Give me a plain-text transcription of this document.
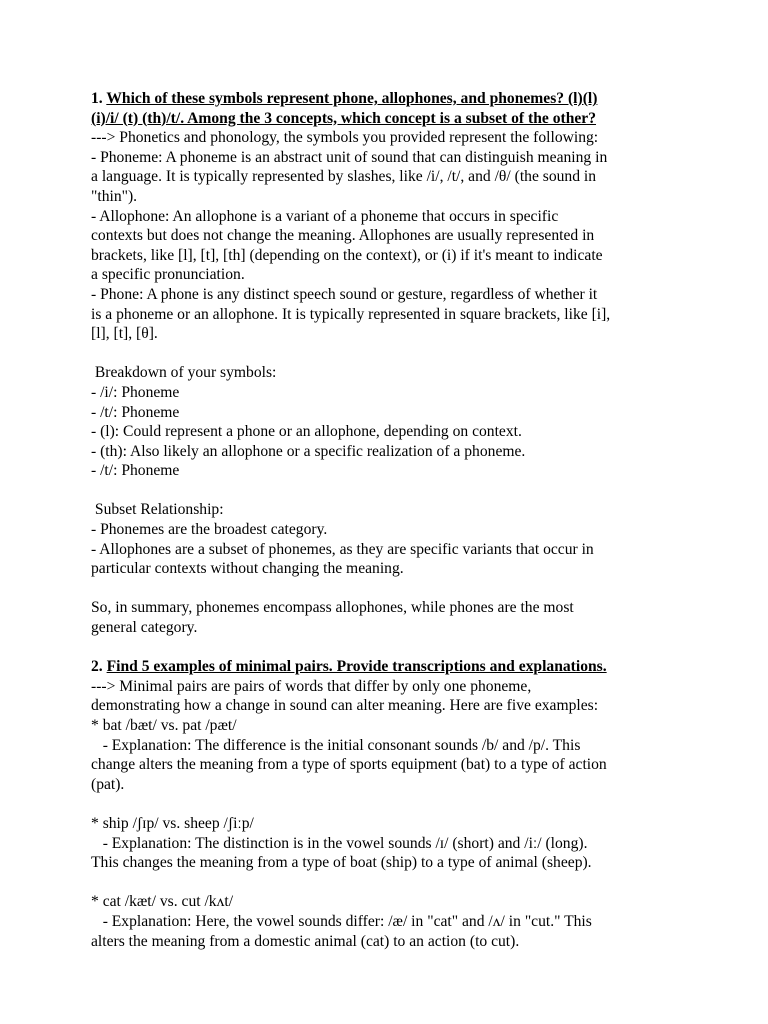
1. Which of these symbols represent phone, allophones, and phonemes? (l)(l)
(i)/i/ (t) (th)/t/. Among the 3 concepts, which concept is a subset of the other?
---> Phonetics and phonology, the symbols you provided represent the following:
- Phoneme: A phoneme is an abstract unit of sound that can distinguish meaning in
a language. It is typically represented by slashes, like /i/, /t/, and /θ/ (the sound in
"thin").
- Allophone: An allophone is a variant of a phoneme that occurs in specific
contexts but does not change the meaning. Allophones are usually represented in
brackets, like [l], [t], [th] (depending on the context), or (i) if it's meant to indicate
a specific pronunciation.
- Phone: A phone is any distinct speech sound or gesture, regardless of whether it
is a phoneme or an allophone. It is typically represented in square brackets, like [i],
[l], [t], [θ].
Breakdown of your symbols:
- /i/: Phoneme
- /t/: Phoneme
- (l): Could represent a phone or an allophone, depending on context.
- (th): Also likely an allophone or a specific realization of a phoneme.
- /t/: Phoneme
Subset Relationship:
- Phonemes are the broadest category.
- Allophones are a subset of phonemes, as they are specific variants that occur in
particular contexts without changing the meaning.
So, in summary, phonemes encompass allophones, while phones are the most
general category.
2. Find 5 examples of minimal pairs. Provide transcriptions and explanations.
---> Minimal pairs are pairs of words that differ by only one phoneme,
demonstrating how a change in sound can alter meaning. Here are five examples:
* bat /bæt/ vs. pat /pæt/
- Explanation: The difference is the initial consonant sounds /b/ and /p/. This
change alters the meaning from a type of sports equipment (bat) to a type of action
(pat).
* ship /ʃɪp/ vs. sheep /ʃiːp/
- Explanation: The distinction is in the vowel sounds /ɪ/ (short) and /iː/ (long).
This changes the meaning from a type of boat (ship) to a type of animal (sheep).
* cat /kæt/ vs. cut /kʌt/
- Explanation: Here, the vowel sounds differ: /æ/ in "cat" and /ʌ/ in "cut." This
alters the meaning from a domestic animal (cat) to an action (to cut).
